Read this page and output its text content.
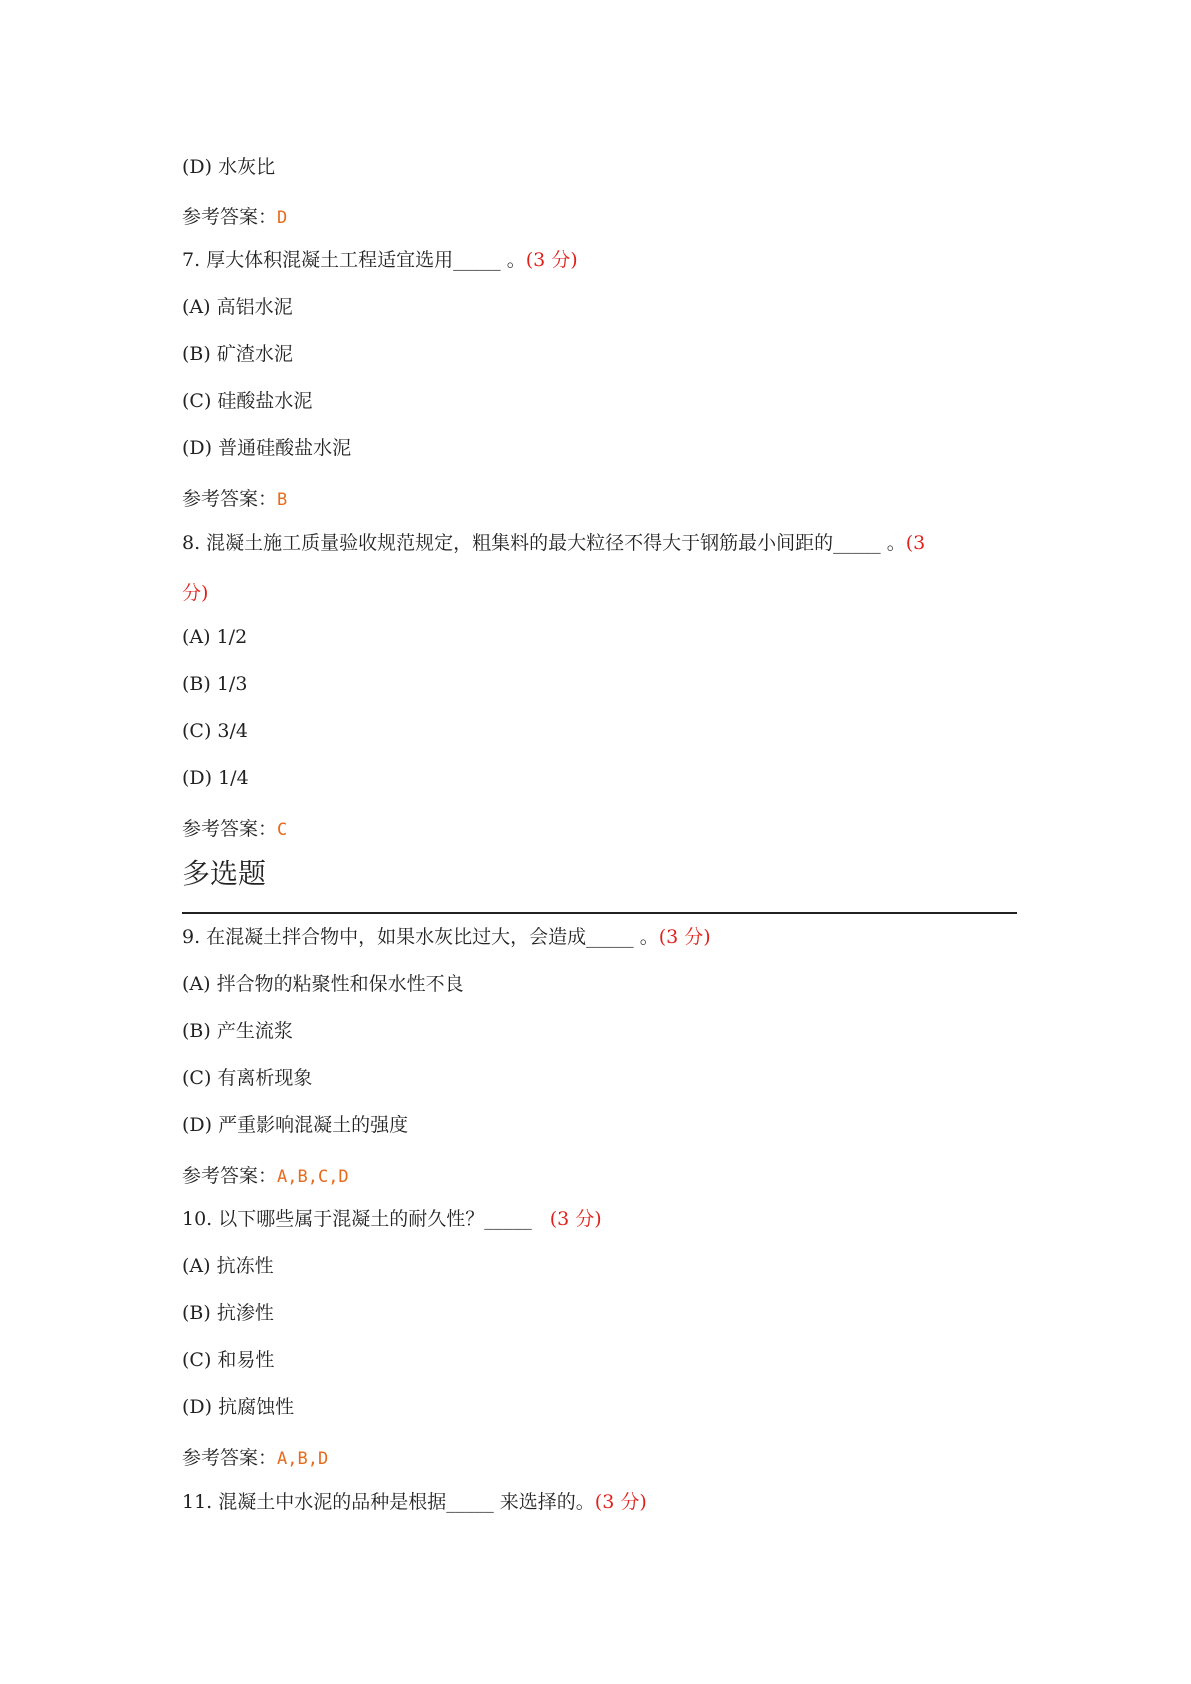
(D) 水灰比
参考答案：D
7. 厚大体积混凝土工程适宜选用_____ 。(3 分)
(A) 高铝水泥
(B) 矿渣水泥
(C) 硅酸盐水泥
(D) 普通硅酸盐水泥
参考答案：B
8. 混凝土施工质量验收规范规定，粗集料的最大粒径不得大于钢筋最小间距的_____ 。(3
分)
(A) 1/2
(B) 1/3
(C) 3/4
(D) 1/4
参考答案：C
多选题
9. 在混凝土拌合物中，如果水灰比过大，会造成_____ 。(3 分)
(A) 拌合物的粘聚性和保水性不良
(B) 产生流浆
(C) 有离析现象
(D) 严重影响混凝土的强度
参考答案：A,B,C,D
10. 以下哪些属于混凝土的耐久性？_____ (3 分)
(A) 抗冻性
(B) 抗渗性
(C) 和易性
(D) 抗腐蚀性
参考答案：A,B,D
11. 混凝土中水泥的品种是根据_____ 来选择的。(3 分)
